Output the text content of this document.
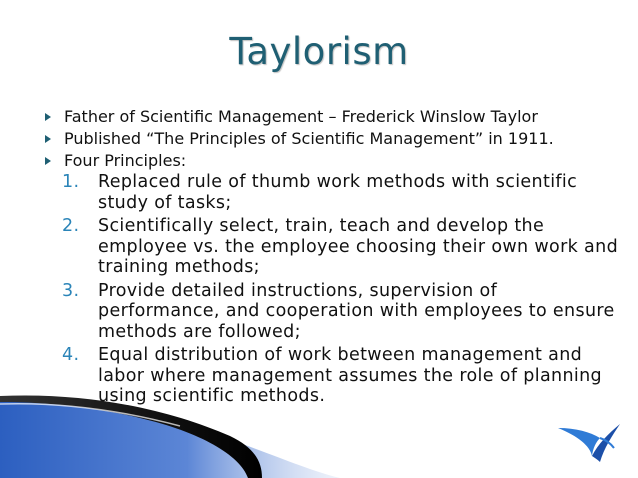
Taylorism
Father of Scientific Management – Frederick Winslow Taylor
Published “The Principles of Scientific Management” in 1911.
Four Principles:
1. Replaced rule of thumb work methods with scientific study of tasks;
2. Scientifically select, train, teach and develop the employee vs. the employee choosing their own work and training methods;
3. Provide detailed instructions, supervision of performance, and cooperation with employees to ensure methods are followed;
4. Equal distribution of work between management and labor where management assumes the role of planning using scientific methods.
